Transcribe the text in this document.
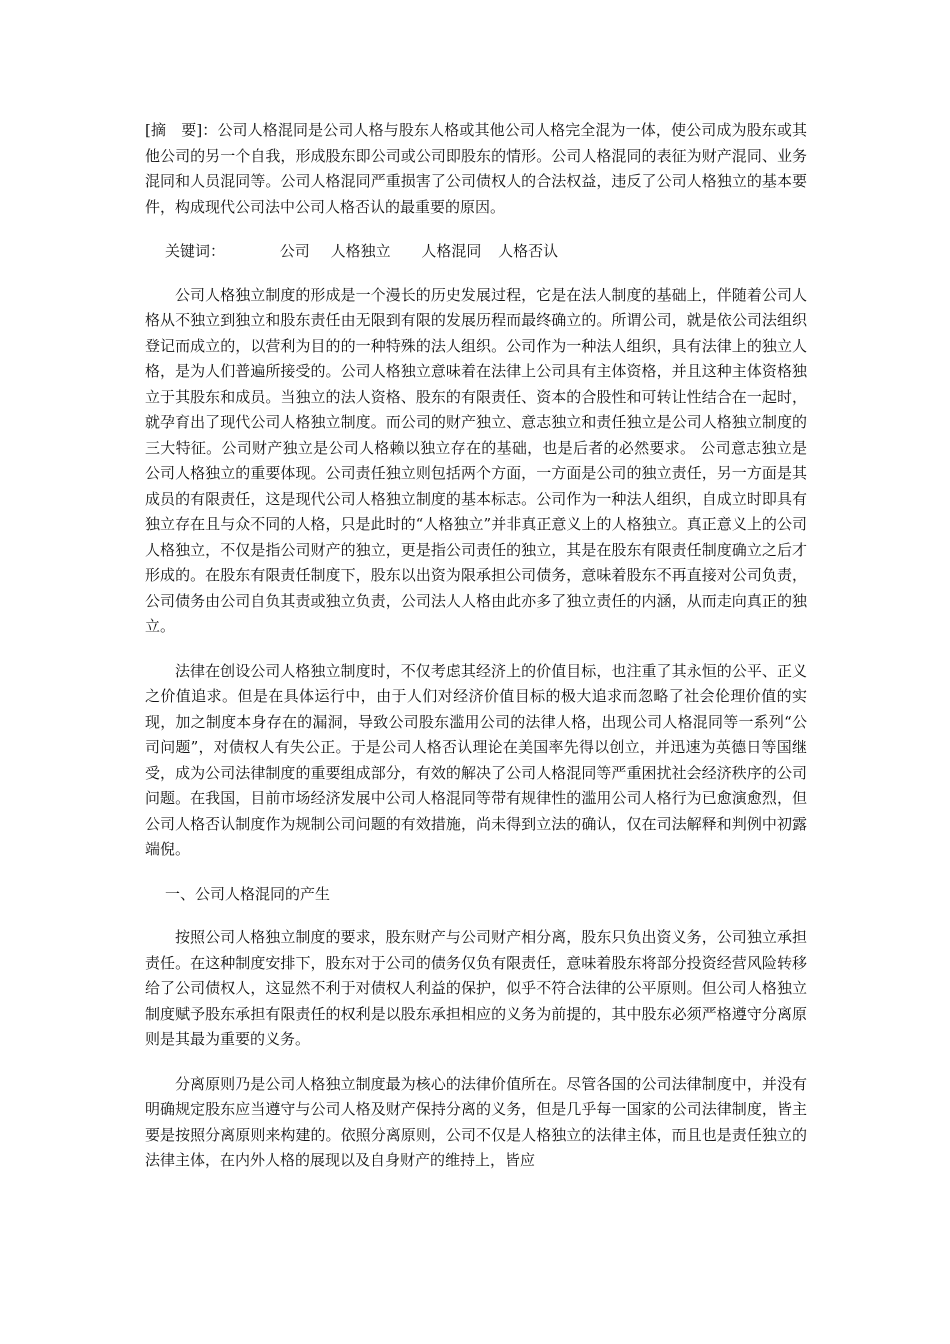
[摘　要]：公司人格混同是公司人格与股东人格或其他公司人格完全混为一体，使公司成为股东或其他公司的另一个自我，形成股东即公司或公司即股东的情形。公司人格混同的表征为财产混同、业务混同和人员混同等。公司人格混同严重损害了公司债权人的合法权益，违反了公司人格独立的基本要件，构成现代公司法中公司人格否认的最重要的原因。

关键词：	公司 人格独立 人格混同 人格否认

公司人格独立制度的形成是一个漫长的历史发展过程，它是在法人制度的基础上，伴随着公司人格从不独立到独立和股东责任由无限到有限的发展历程而最终确立的。所谓公司，就是依公司法组织登记而成立的，以营利为目的的一种特殊的法人组织。公司作为一种法人组织，具有法律上的独立人格，是为人们普遍所接受的。公司人格独立意味着在法律上公司具有主体资格，并且这种主体资格独立于其股东和成员。当独立的法人资格、股东的有限责任、资本的合股性和可转让性结合在一起时，就孕育出了现代公司人格独立制度。而公司的财产独立、意志独立和责任独立是公司人格独立制度的三大特征。公司财产独立是公司人格赖以独立存在的基础，也是后者的必然要求。 公司意志独立是公司人格独立的重要体现。公司责任独立则包括两个方面，一方面是公司的独立责任，另一方面是其成员的有限责任，这是现代公司人格独立制度的基本标志。公司作为一种法人组织，自成立时即具有独立存在且与众不同的人格，只是此时的“人格独立”并非真正意义上的人格独立。真正意义上的公司人格独立，不仅是指公司财产的独立，更是指公司责任的独立，其是在股东有限责任制度确立之后才形成的。在股东有限责任制度下，股东以出资为限承担公司债务，意味着股东不再直接对公司负责，公司债务由公司自负其责或独立负责，公司法人人格由此亦多了独立责任的内涵，从而走向真正的独立。

法律在创设公司人格独立制度时，不仅考虑其经济上的价值目标，也注重了其永恒的公平、正义之价值追求。但是在具体运行中，由于人们对经济价值目标的极大追求而忽略了社会伦理价值的实现，加之制度本身存在的漏洞，导致公司股东滥用公司的法律人格，出现公司人格混同等一系列“公司问题”，对债权人有失公正。于是公司人格否认理论在美国率先得以创立，并迅速为英德日等国继受，成为公司法律制度的重要组成部分，有效的解决了公司人格混同等严重困扰社会经济秩序的公司问题。在我国，目前市场经济发展中公司人格混同等带有规律性的滥用公司人格行为已愈演愈烈，但公司人格否认制度作为规制公司问题的有效措施，尚未得到立法的确认，仅在司法解释和判例中初露端倪。

一、公司人格混同的产生

按照公司人格独立制度的要求，股东财产与公司财产相分离，股东只负出资义务，公司独立承担责任。在这种制度安排下，股东对于公司的债务仅负有限责任，意味着股东将部分投资经营风险转移给了公司债权人，这显然不利于对债权人利益的保护，似乎不符合法律的公平原则。但公司人格独立制度赋予股东承担有限责任的权利是以股东承担相应的义务为前提的，其中股东必须严格遵守分离原则是其最为重要的义务。

分离原则乃是公司人格独立制度最为核心的法律价值所在。尽管各国的公司法律制度中，并没有明确规定股东应当遵守与公司人格及财产保持分离的义务，但是几乎每一国家的公司法律制度，皆主要是按照分离原则来构建的。依照分离原则，公司不仅是人格独立的法律主体，而且也是责任独立的法律主体，在内外人格的展现以及自身财产的维持上，皆应
